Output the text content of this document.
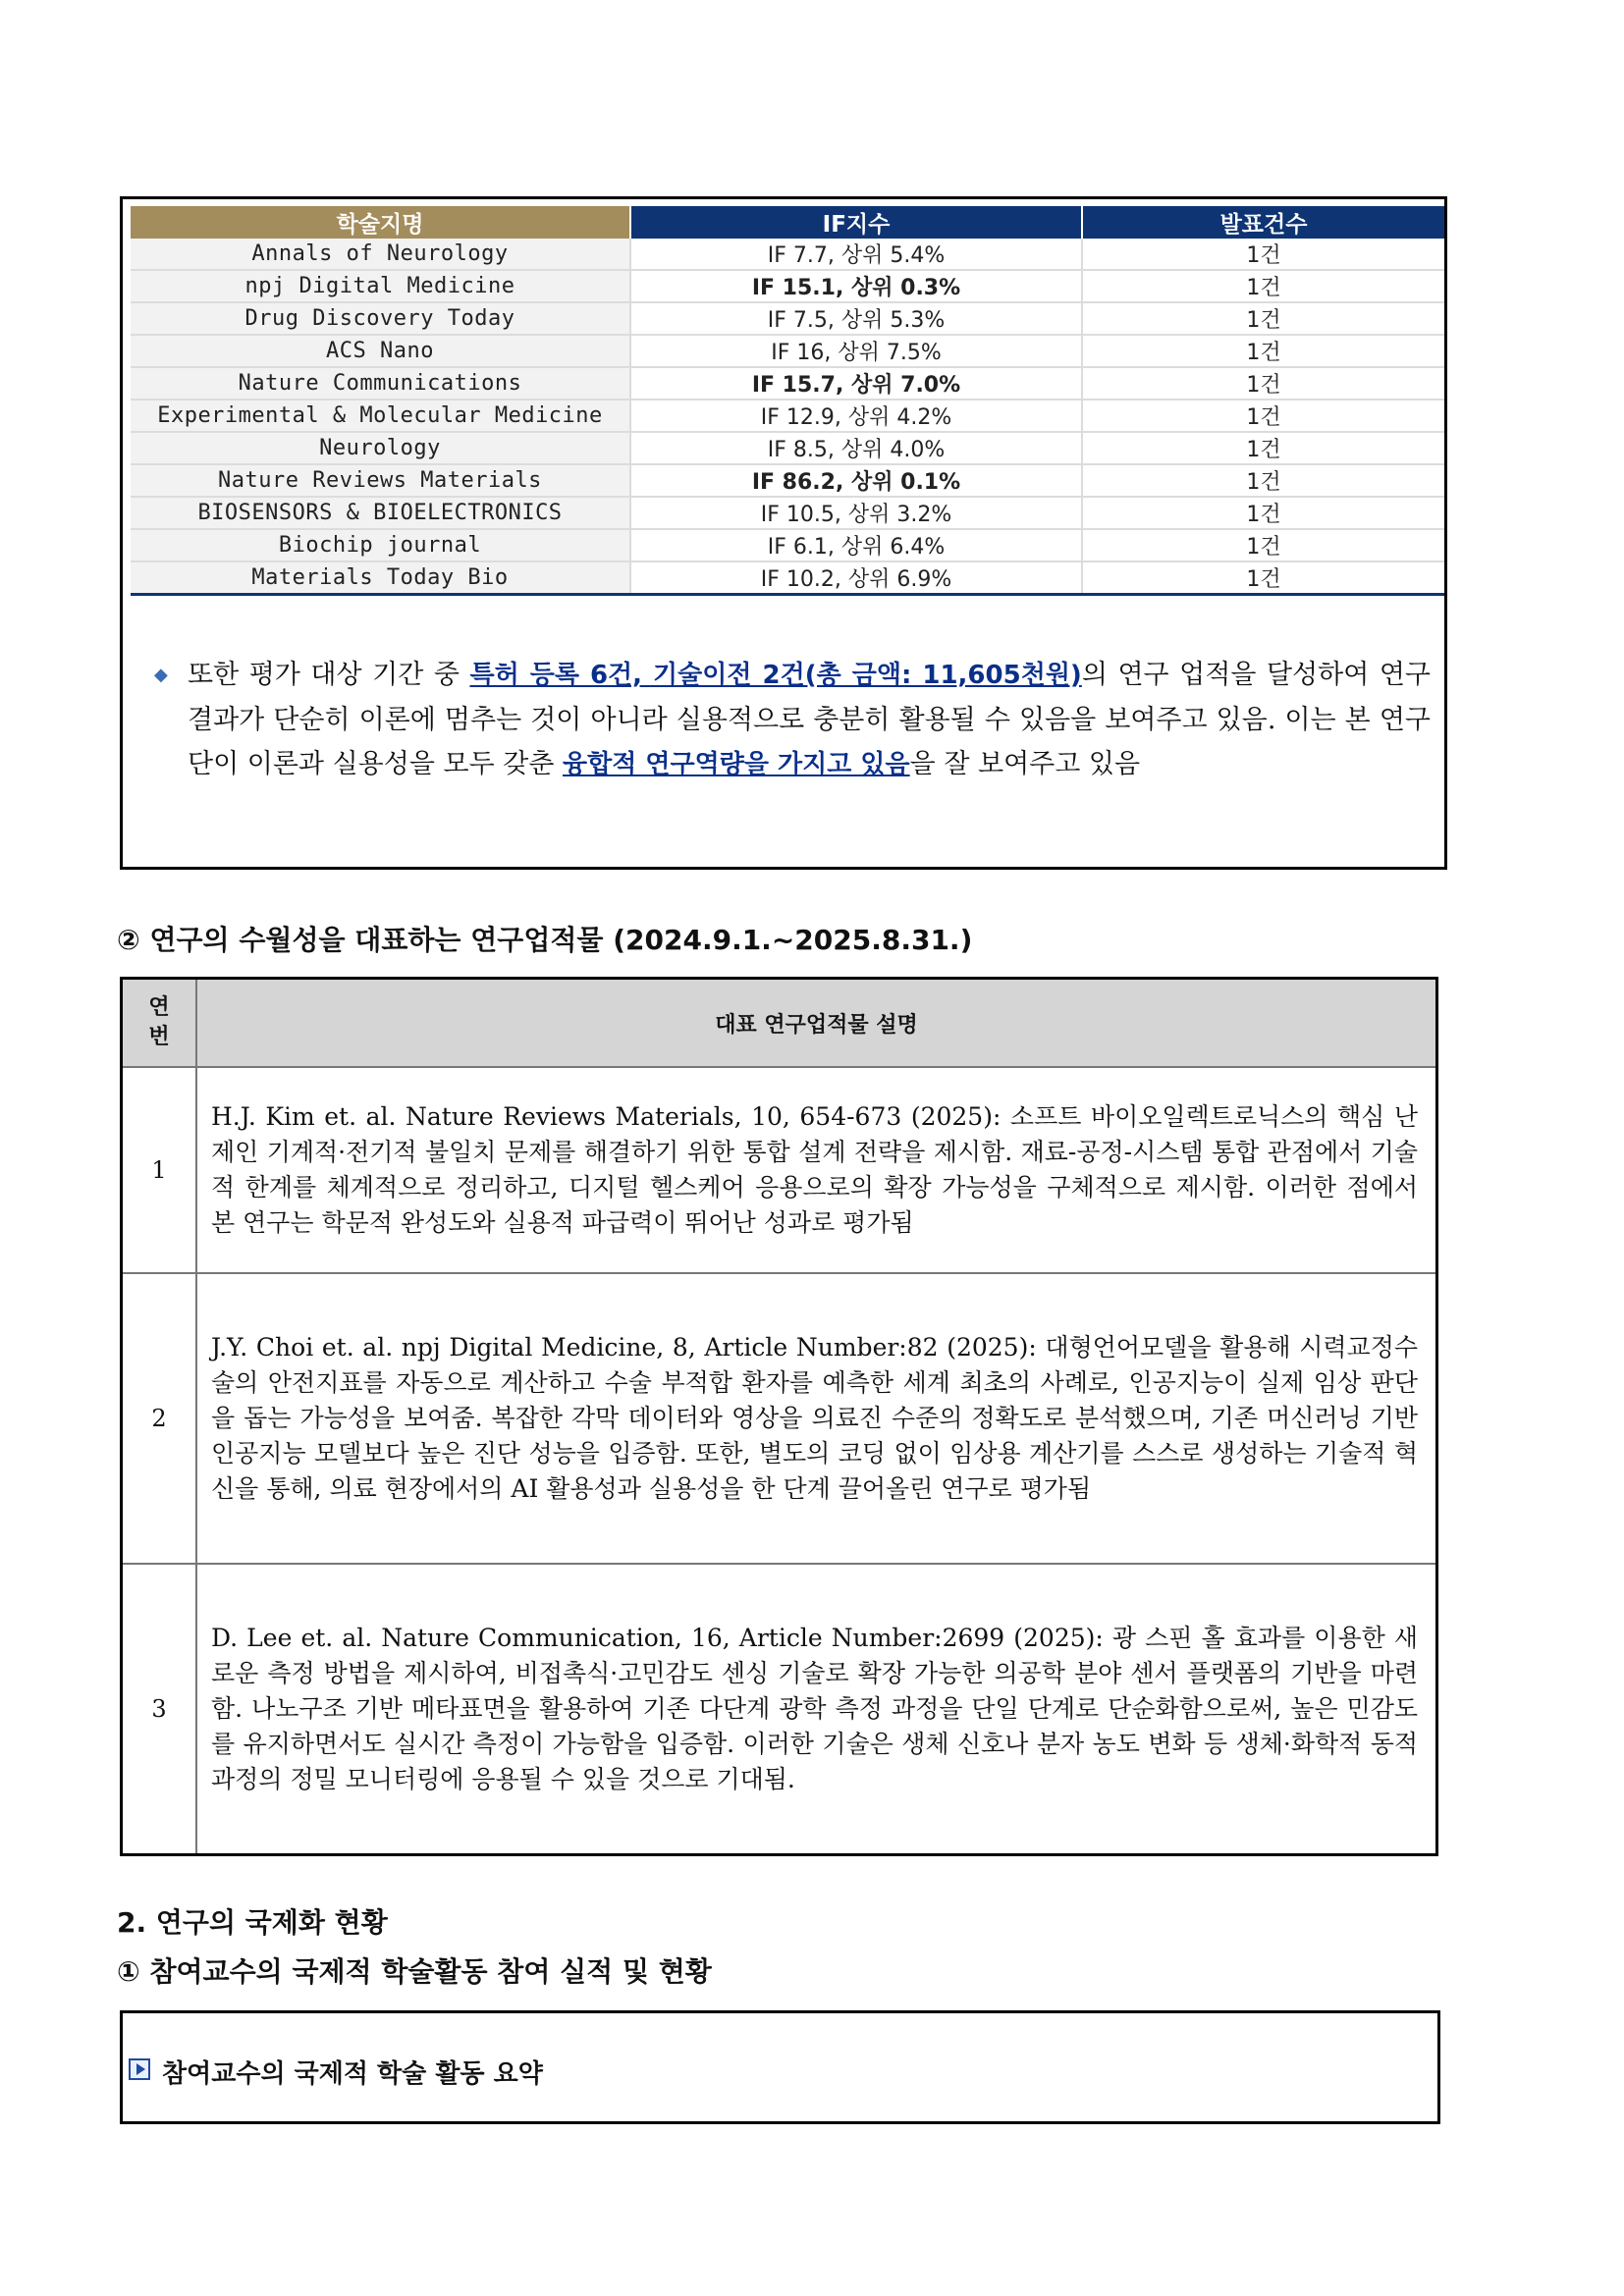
학술지명	IF지수	발표건수
Annals of Neurology	IF 7.7, 상위 5.4%	1건
npj Digital Medicine	IF 15.1, 상위 0.3%	1건
Drug Discovery Today	IF 7.5, 상위 5.3%	1건
ACS Nano	IF 16, 상위 7.5%	1건
Nature Communications	IF 15.7, 상위 7.0%	1건
Experimental & Molecular Medicine	IF 12.9, 상위 4.2%	1건
Neurology	IF 8.5, 상위 4.0%	1건
Nature Reviews Materials	IF 86.2, 상위 0.1%	1건
BIOSENSORS & BIOELECTRONICS	IF 10.5, 상위 3.2%	1건
Biochip journal	IF 6.1, 상위 6.4%	1건
Materials Today Bio	IF 10.2, 상위 6.9%	1건
◆ 또한 평가 대상 기간 중 특허 등록 6건, 기술이전 2건(총 금액: 11,605천원)의 연구 업적을 달성하여 연구 결과가 단순히 이론에 멈추는 것이 아니라 실용적으로 충분히 활용될 수 있음을 보여주고 있음. 이는 본 연구단이 이론과 실용성을 모두 갖춘 융합적 연구역량을 가지고 있음을 잘 보여주고 있음

② 연구의 수월성을 대표하는 연구업적물 (2024.9.1.~2025.8.31.)
연번	대표 연구업적물 설명
1	H.J. Kim et. al. Nature Reviews Materials, 10, 654-673 (2025): 소프트 바이오일렉트로닉스의 핵심 난제인 기계적·전기적 불일치 문제를 해결하기 위한 통합 설계 전략을 제시함. 재료-공정-시스템 통합 관점에서 기술적 한계를 체계적으로 정리하고, 디지털 헬스케어 응용으로의 확장 가능성을 구체적으로 제시함. 이러한 점에서 본 연구는 학문적 완성도와 실용적 파급력이 뛰어난 성과로 평가됨
2	J.Y. Choi et. al. npj Digital Medicine, 8, Article Number:82 (2025): 대형언어모델을 활용해 시력교정수술의 안전지표를 자동으로 계산하고 수술 부적합 환자를 예측한 세계 최초의 사례로, 인공지능이 실제 임상 판단을 돕는 가능성을 보여줌. 복잡한 각막 데이터와 영상을 의료진 수준의 정확도로 분석했으며, 기존 머신러닝 기반 인공지능 모델보다 높은 진단 성능을 입증함. 또한, 별도의 코딩 없이 임상용 계산기를 스스로 생성하는 기술적 혁신을 통해, 의료 현장에서의 AI 활용성과 실용성을 한 단계 끌어올린 연구로 평가됨
3	D. Lee et. al. Nature Communication, 16, Article Number:2699 (2025): 광 스핀 홀 효과를 이용한 새로운 측정 방법을 제시하여, 비접촉식·고민감도 센싱 기술로 확장 가능한 의공학 분야 센서 플랫폼의 기반을 마련함. 나노구조 기반 메타표면을 활용하여 기존 다단계 광학 측정 과정을 단일 단계로 단순화함으로써, 높은 민감도를 유지하면서도 실시간 측정이 가능함을 입증함. 이러한 기술은 생체 신호나 분자 농도 변화 등 생체·화학적 동적 과정의 정밀 모니터링에 응용될 수 있을 것으로 기대됨.
2. 연구의 국제화 현황
① 참여교수의 국제적 학술활동 참여 실적 및 현황
참여교수의 국제적 학술 활동 요약
